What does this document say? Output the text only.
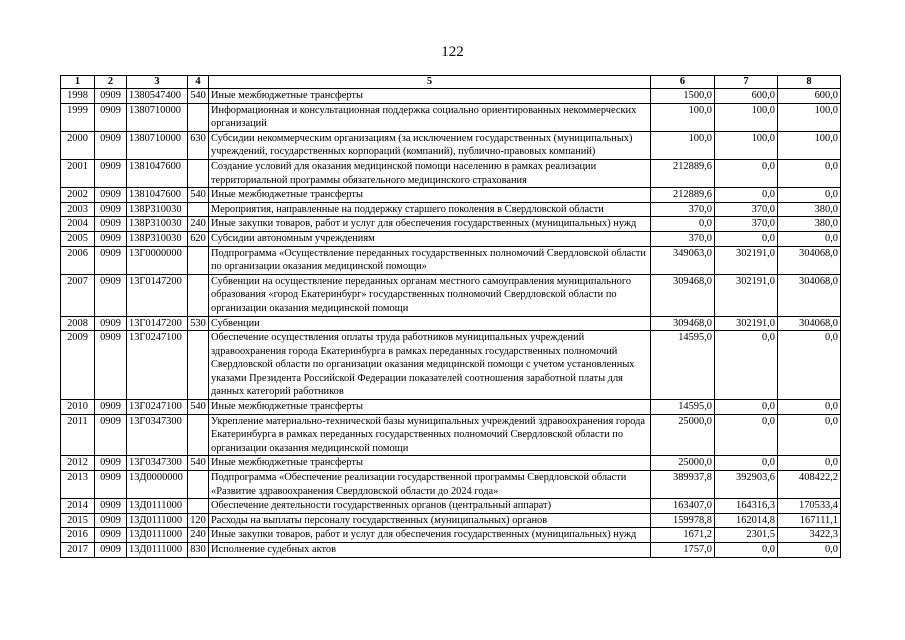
122
1	2	3	4	5	6	7	8
1998	0909	1380547400	540	Иные межбюджетные трансферты	1500,0	600,0	600,0
1999	0909	1380710000		Информационная и консультационная поддержка социально ориентированных некоммерческих организаций	100,0	100,0	100,0
2000	0909	1380710000	630	Субсидии некоммерческим организациям (за исключением государственных (муниципальных) учреждений, государственных корпораций (компаний), публично-правовых компаний)	100,0	100,0	100,0
2001	0909	1381047600		Создание условий для оказания медицинской помощи населению в рамках реализации территориальной программы обязательного медицинского страхования	212889,6	0,0	0,0
2002	0909	1381047600	540	Иные межбюджетные трансферты	212889,6	0,0	0,0
2003	0909	138P310030		Мероприятия, направленные на поддержку старшего поколения в Свердловской области	370,0	370,0	380,0
2004	0909	138P310030	240	Иные закупки товаров, работ и услуг для обеспечения государственных (муниципальных) нужд	0,0	370,0	380,0
2005	0909	138P310030	620	Субсидии автономным учреждениям	370,0	0,0	0,0
2006	0909	13Г0000000		Подпрограмма «Осуществление переданных государственных полномочий Свердловской области по организации оказания медицинской помощи»	349063,0	302191,0	304068,0
2007	0909	13Г0147200		Субвенции на осуществление переданных органам местного самоуправления муниципального образования «город Екатеринбург» государственных полномочий Свердловской области по организации оказания медицинской помощи	309468,0	302191,0	304068,0
2008	0909	13Г0147200	530	Субвенции	309468,0	302191,0	304068,0
2009	0909	13Г0247100		Обеспечение осуществления оплаты труда работников муниципальных учреждений здравоохранения города Екатеринбурга в рамках переданных государственных полномочий Свердловской области по организации оказания медицинской помощи с учетом установленных указами Президента Российской Федерации показателей соотношения заработной платы для данных категорий работников	14595,0	0,0	0,0
2010	0909	13Г0247100	540	Иные межбюджетные трансферты	14595,0	0,0	0,0
2011	0909	13Г0347300		Укрепление материально-технической базы муниципальных учреждений здравоохранения города Екатеринбурга в рамках переданных государственных полномочий Свердловской области по организации оказания медицинской помощи	25000,0	0,0	0,0
2012	0909	13Г0347300	540	Иные межбюджетные трансферты	25000,0	0,0	0,0
2013	0909	13Д0000000		Подпрограмма «Обеспечение реализации государственной программы Свердловской области «Развитие здравоохранения Свердловской области до 2024 года»	389937,8	392903,6	408422,2
2014	0909	13Д0111000		Обеспечение деятельности государственных органов (центральный аппарат)	163407,0	164316,3	170533,4
2015	0909	13Д0111000	120	Расходы на выплаты персоналу государственных (муниципальных) органов	159978,8	162014,8	167111,1
2016	0909	13Д0111000	240	Иные закупки товаров, работ и услуг для обеспечения государственных (муниципальных) нужд	1671,2	2301,5	3422,3
2017	0909	13Д0111000	830	Исполнение судебных актов	1757,0	0,0	0,0
